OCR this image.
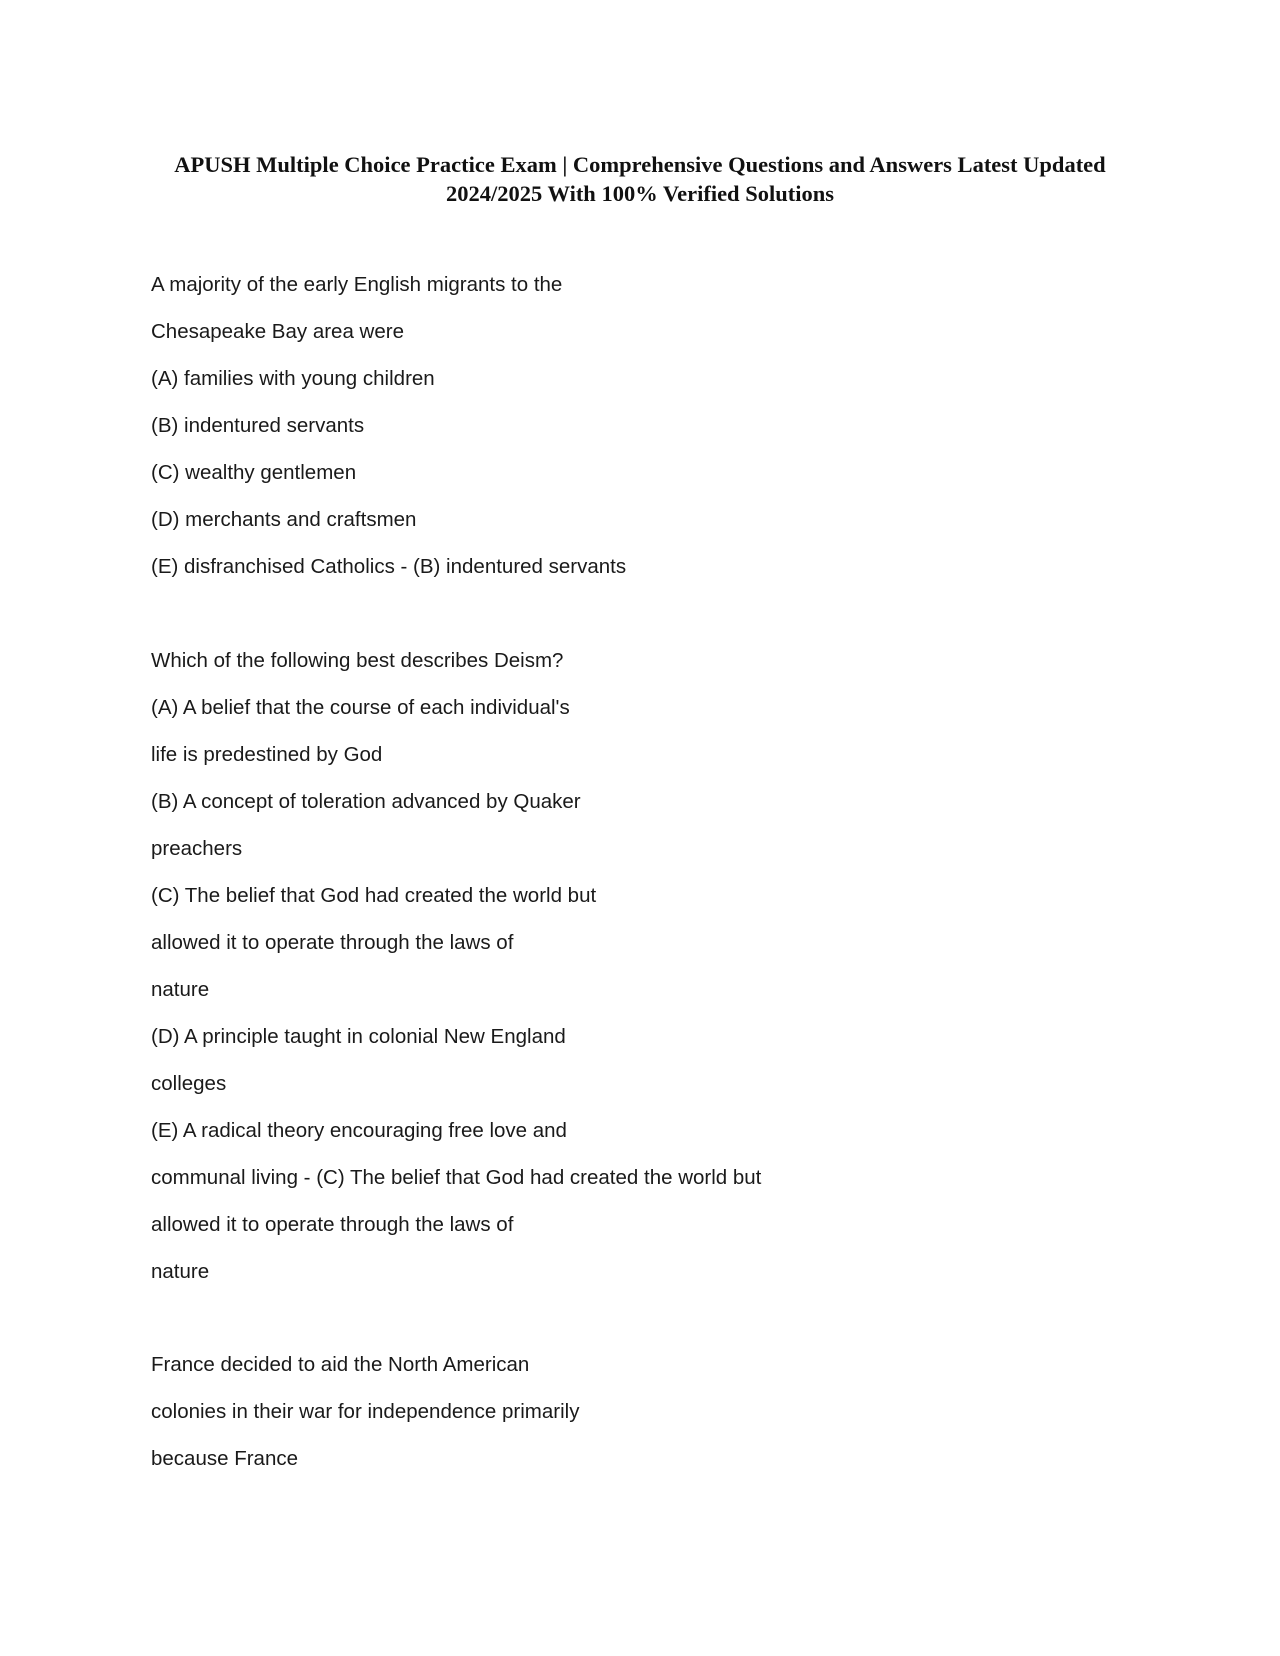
APUSH Multiple Choice Practice Exam | Comprehensive Questions and Answers Latest Updated
2024/2025 With 100% Verified Solutions
A majority of the early English migrants to the
Chesapeake Bay area were
(A) families with young children
(B) indentured servants
(C) wealthy gentlemen
(D) merchants and craftsmen
(E) disfranchised Catholics - (B) indentured servants
Which of the following best describes Deism?
(A) A belief that the course of each individual's
life is predestined by God
(B) A concept of toleration advanced by Quaker
preachers
(C) The belief that God had created the world but
allowed it to operate through the laws of
nature
(D) A principle taught in colonial New England
colleges
(E) A radical theory encouraging free love and
communal living - (C) The belief that God had created the world but
allowed it to operate through the laws of
nature
France decided to aid the North American
colonies in their war for independence primarily
because France
